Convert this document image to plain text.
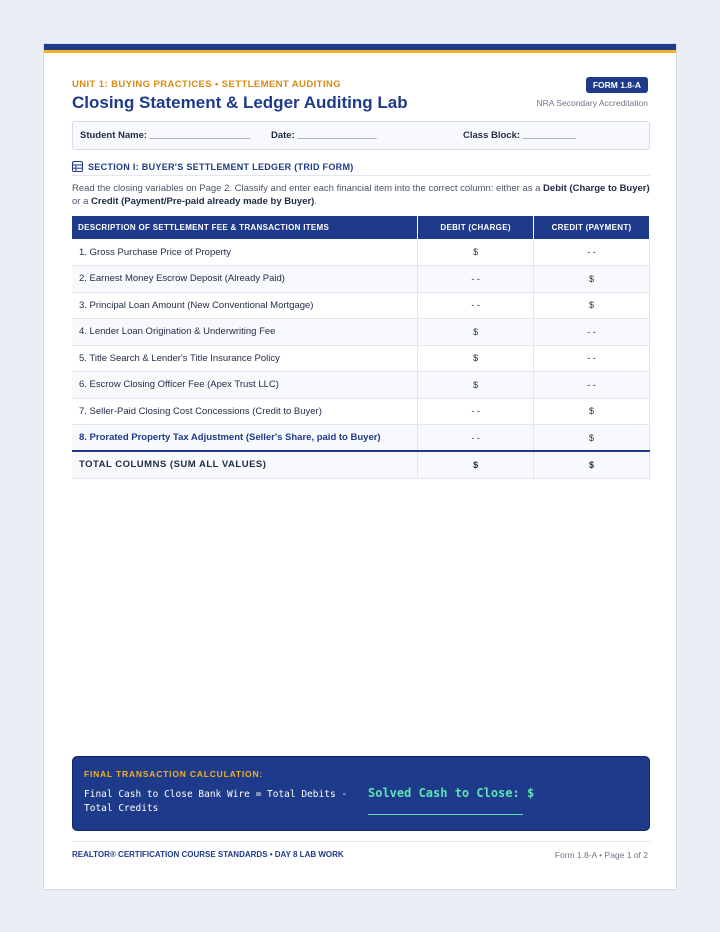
UNIT 1: BUYING PRACTICES • SETTLEMENT AUDITING
Closing Statement & Ledger Auditing Lab
FORM 1.8-A
NRA Secondary Accreditation
Student Name: ___________________ Date: _______________	Class Block: __________
SECTION I: BUYER'S SETTLEMENT LEDGER (TRID FORM)
Read the closing variables on Page 2. Classify and enter each financial item into the correct column: either as a Debit (Charge to Buyer) or a Credit (Payment/Pre-paid already made by Buyer).
DESCRIPTION OF SETTLEMENT FEE & TRANSACTION ITEMS	DEBIT (CHARGE)	CREDIT (PAYMENT)
1. Gross Purchase Price of Property	$	- -
2. Earnest Money Escrow Deposit (Already Paid)	- -	$
3. Principal Loan Amount (New Conventional Mortgage)	- -	$
4. Lender Loan Origination & Underwriting Fee	$	- -
5. Title Search & Lender's Title Insurance Policy	$	- -
6. Escrow Closing Officer Fee (Apex Trust LLC)	$	- -
7. Seller-Paid Closing Cost Concessions (Credit to Buyer)	- -	$
8. Prorated Property Tax Adjustment (Seller's Share, paid to Buyer)	- -	$
TOTAL COLUMNS (SUM ALL VALUES)	$	$
FINAL TRANSACTION CALCULATION:
Final Cash to Close Bank Wire = Total Debits - Total Credits
Solved Cash to Close: $
REALTOR® CERTIFICATION COURSE STANDARDS • DAY 8 LAB WORK	Form 1.8-A • Page 1 of 2
